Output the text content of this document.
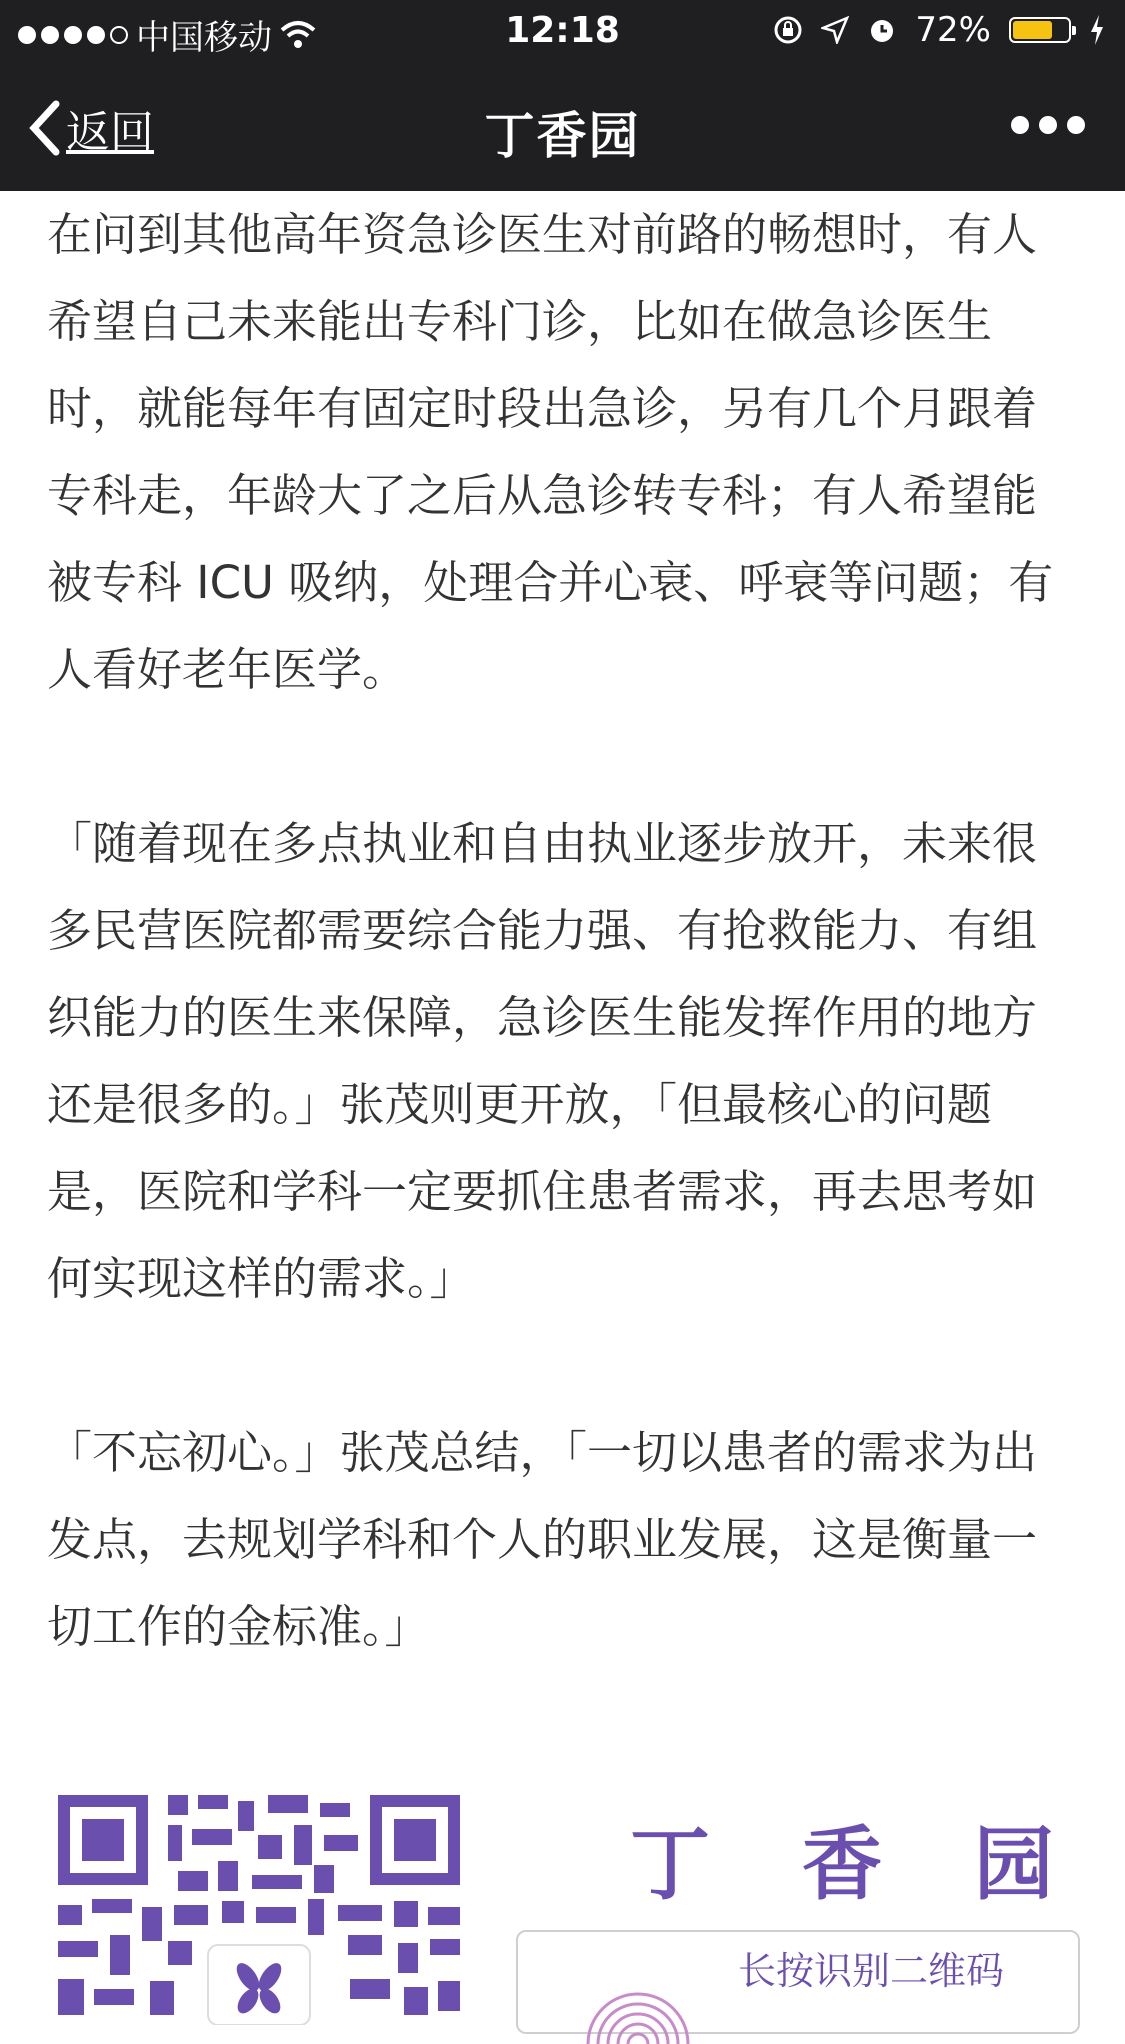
中国移动	12:18	72%
返回	丁香园

在问到其他高年资急诊医生对前路的畅想时，有人希望自己未来能出专科门诊，比如在做急诊医生时，就能每年有固定时段出急诊，另有几个月跟着专科走，年龄大了之后从急诊转专科；有人希望能被专科 ICU 吸纳，处理合并心衰、呼衰等问题；有人看好老年医学。

「随着现在多点执业和自由执业逐步放开，未来很多民营医院都需要综合能力强、有抢救能力、有组织能力的医生来保障，急诊医生能发挥作用的地方还是很多的。」张茂则更开放，「但最核心的问题是，医院和学科一定要抓住患者需求，再去思考如何实现这样的需求。」

「不忘初心。」张茂总结，「一切以患者的需求为出发点，去规划学科和个人的职业发展，这是衡量一切工作的金标准。」

丁 香 园
长按识别二维码
